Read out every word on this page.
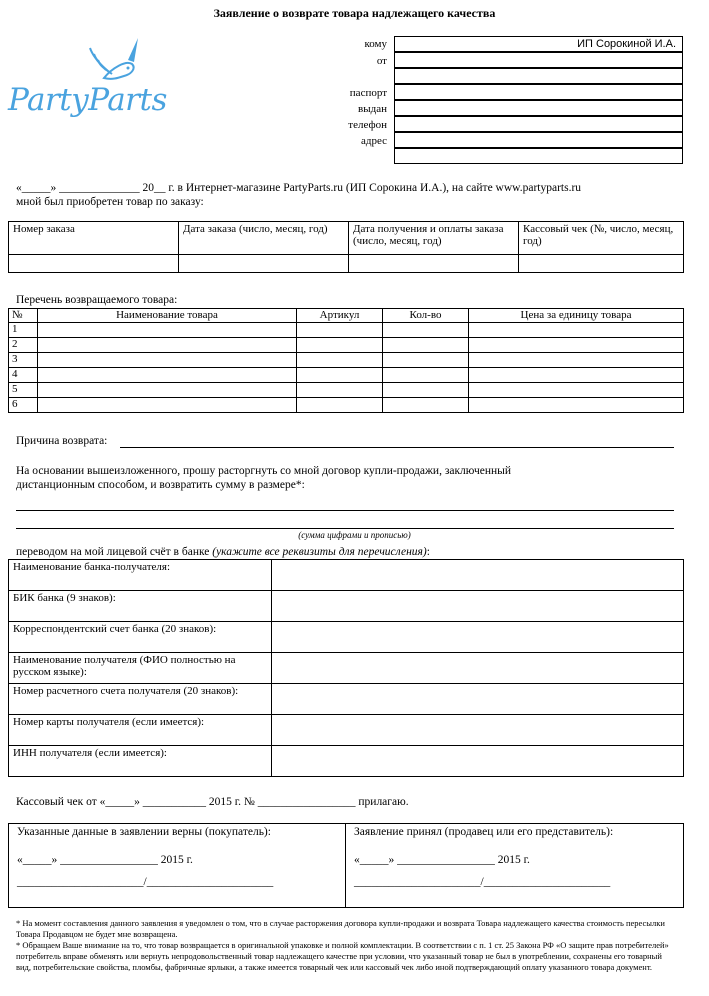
Заявление о возврате товара надлежащего качества
PartyParts
кому	ИП Сорокиной И.А.
от
паспорт
выдан
телефон
адрес
«_____» ______________ 20__ г. в Интернет-магазине PartyParts.ru (ИП Сорокина И.А.), на сайте www.partyparts.ru
мной был приобретен товар по заказу:
Номер заказа	Дата заказа (число, месяц, год)	Дата получения и оплаты заказа (число, месяц, год)	Кассовый чек (№, число, месяц, год)

Перечень возвращаемого товара:
№	Наименование товара	Артикул	Кол-во	Цена за единицу товара
1				
2				
3				
4				
5				
6				
Причина возврата:
На основании вышеизложенного, прошу расторгнуть со мной договор купли-продажи, заключенный
дистанционным способом, и возвратить сумму в размере*:
(сумма цифрами и прописью)
переводом на мой лицевой счёт в банке (укажите все реквизиты для перечисления):
Наименование банка-получателя:	
БИК банка (9 знаков):	
Корреспондентский счет банка (20 знаков):	
Наименование получателя (ФИО полностью на русском языке):	
Номер расчетного счета получателя (20 знаков):	
Номер карты получателя (если имеется):	
ИНН получателя (если имеется):	
Кассовый чек от «_____» ___________ 2015 г. № _________________ прилагаю.
Указанные данные в заявлении верны (покупатель):
«_____» _________________ 2015 г.
______________________/______________________
Заявление принял (продавец или его представитель):
«_____» _________________ 2015 г.
______________________/______________________
* На момент составления данного заявления я уведомлен о том, что в случае расторжения договора купли-продажи и возврата Товара надлежащего качества стоимость пересылки Товара Продавцом не будет мне возвращена.
* Обращаем Ваше внимание на то, что товар возвращается в оригинальной упаковке и полной комплектации. В соответствии с п. 1 ст. 25 Закона РФ «О защите прав потребителей» потребитель вправе обменять или вернуть непродовольственный товар надлежащего качестве при условии, что указанный товар не был в употреблении, сохранены его товарный вид, потребительские свойства, пломбы, фабричные ярлыки, а также имеется товарный чек или кассовый чек либо иной подтверждающий оплату указанного товара документ.
